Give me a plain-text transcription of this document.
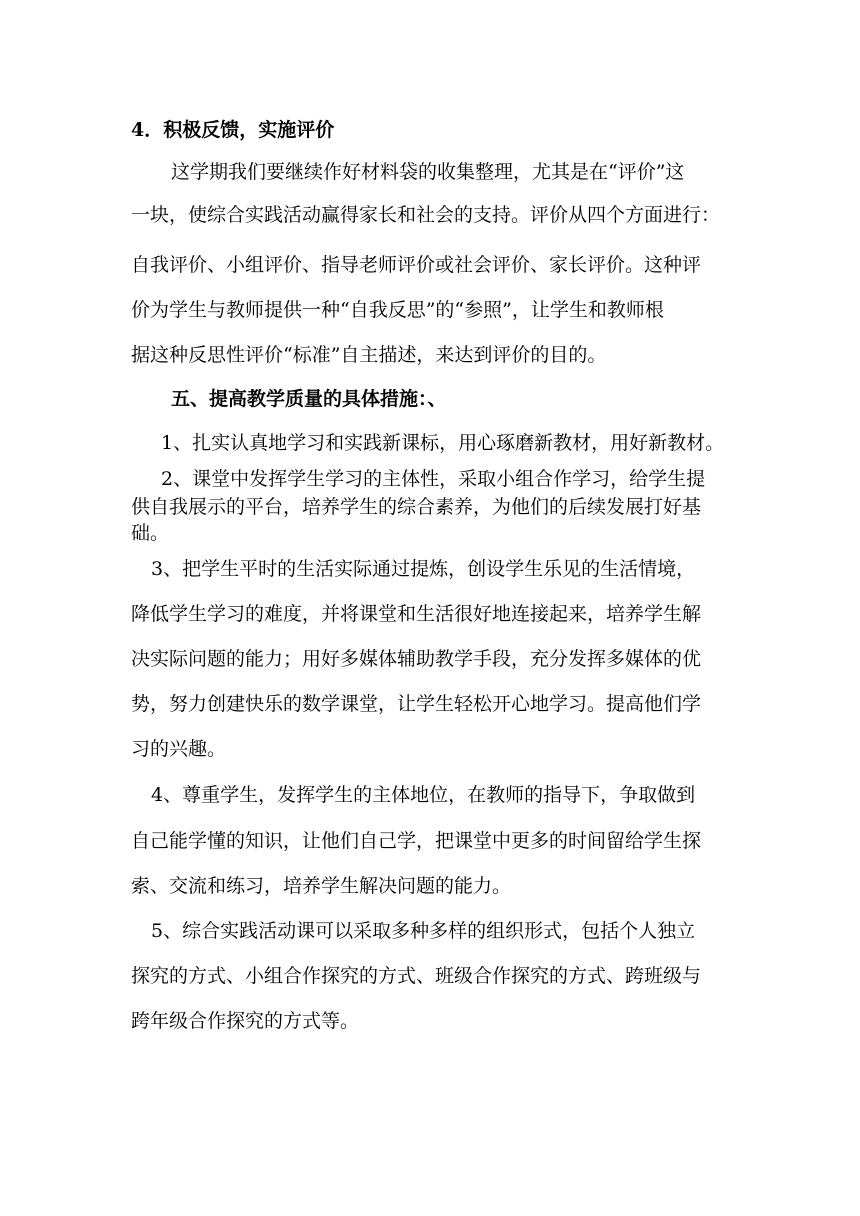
4．积极反馈，实施评价
这学期我们要继续作好材料袋的收集整理，尤其是在“评价”这
一块，使综合实践活动赢得家长和社会的支持。评价从四个方面进行：
自我评价、小组评价、指导老师评价或社会评价、家长评价。这种评
价为学生与教师提供一种“自我反思”的“参照”，让学生和教师根
据这种反思性评价“标准”自主描述，来达到评价的目的。
五、提高教学质量的具体措施：、
1、扎实认真地学习和实践新课标，用心琢磨新教材，用好新教材。
2、课堂中发挥学生学习的主体性，采取小组合作学习，给学生提
供自我展示的平台，培养学生的综合素养，为他们的后续发展打好基
础。
3、把学生平时的生活实际通过提炼，创设学生乐见的生活情境，
降低学生学习的难度，并将课堂和生活很好地连接起来，培养学生解
决实际问题的能力；用好多媒体辅助教学手段，充分发挥多媒体的优
势，努力创建快乐的数学课堂，让学生轻松开心地学习。提高他们学
习的兴趣。
4、尊重学生，发挥学生的主体地位，在教师的指导下，争取做到
自己能学懂的知识，让他们自己学，把课堂中更多的时间留给学生探
索、交流和练习，培养学生解决问题的能力。
5、综合实践活动课可以采取多种多样的组织形式，包括个人独立
探究的方式、小组合作探究的方式、班级合作探究的方式、跨班级与
跨年级合作探究的方式等。
